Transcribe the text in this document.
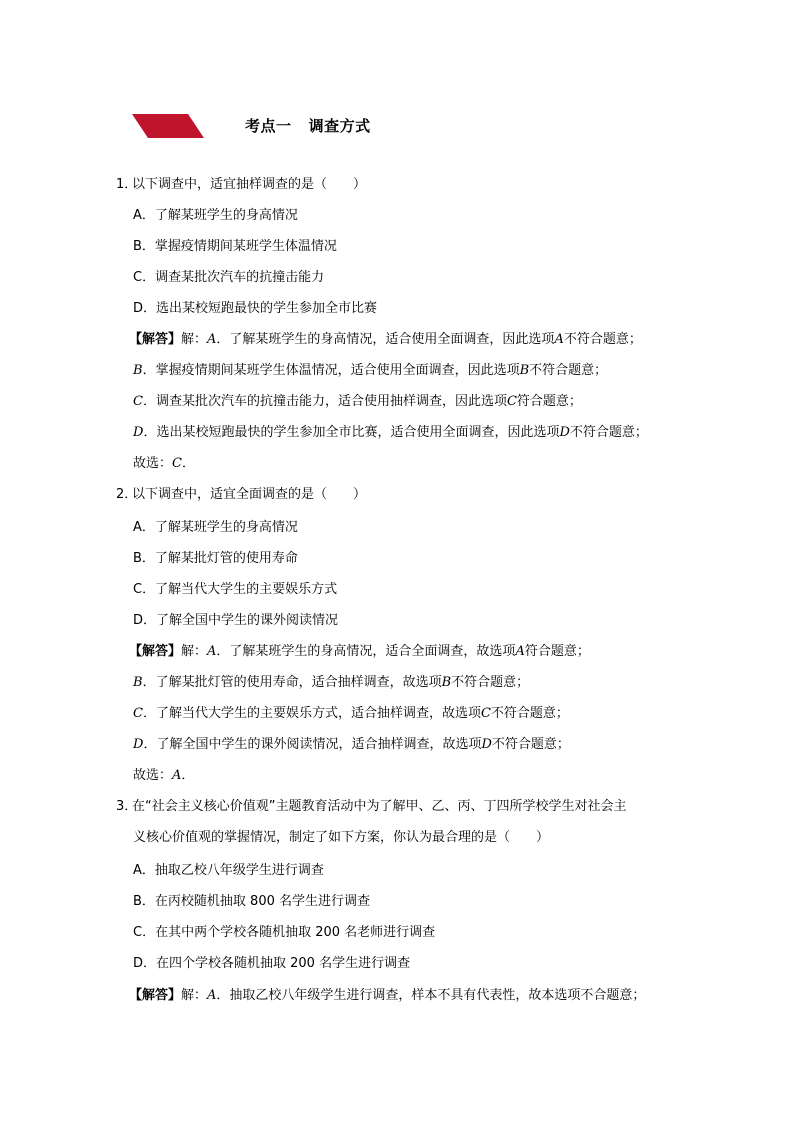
考点一   调查方式
1．以下调查中，适宜抽样调查的是（　　）
A．了解某班学生的身高情况
B．掌握疫情期间某班学生体温情况
C．调查某批次汽车的抗撞击能力
D．选出某校短跑最快的学生参加全市比赛
【解答】解：A．了解某班学生的身高情况，适合使用全面调查，因此选项A不符合题意；
B．掌握疫情期间某班学生体温情况，适合使用全面调查，因此选项B不符合题意；
C．调查某批次汽车的抗撞击能力，适合使用抽样调查，因此选项C符合题意；
D．选出某校短跑最快的学生参加全市比赛，适合使用全面调查，因此选项D不符合题意；
故选：C．
2．以下调查中，适宜全面调查的是（　　）
A．了解某班学生的身高情况
B．了解某批灯管的使用寿命
C．了解当代大学生的主要娱乐方式
D．了解全国中学生的课外阅读情况
【解答】解：A．了解某班学生的身高情况，适合全面调查，故选项A符合题意；
B．了解某批灯管的使用寿命，适合抽样调查，故选项B不符合题意；
C．了解当代大学生的主要娱乐方式，适合抽样调查，故选项C不符合题意；
D．了解全国中学生的课外阅读情况，适合抽样调查，故选项D不符合题意；
故选：A．
3．在“社会主义核心价值观”主题教育活动中为了解甲、乙、丙、丁四所学校学生对社会主
义核心价值观的掌握情况，制定了如下方案，你认为最合理的是（　　）
A．抽取乙校八年级学生进行调查
B．在丙校随机抽取 800 名学生进行调查
C．在其中两个学校各随机抽取 200 名老师进行调查
D．在四个学校各随机抽取 200 名学生进行调查
【解答】解：A．抽取乙校八年级学生进行调查，样本不具有代表性，故本选项不合题意；
